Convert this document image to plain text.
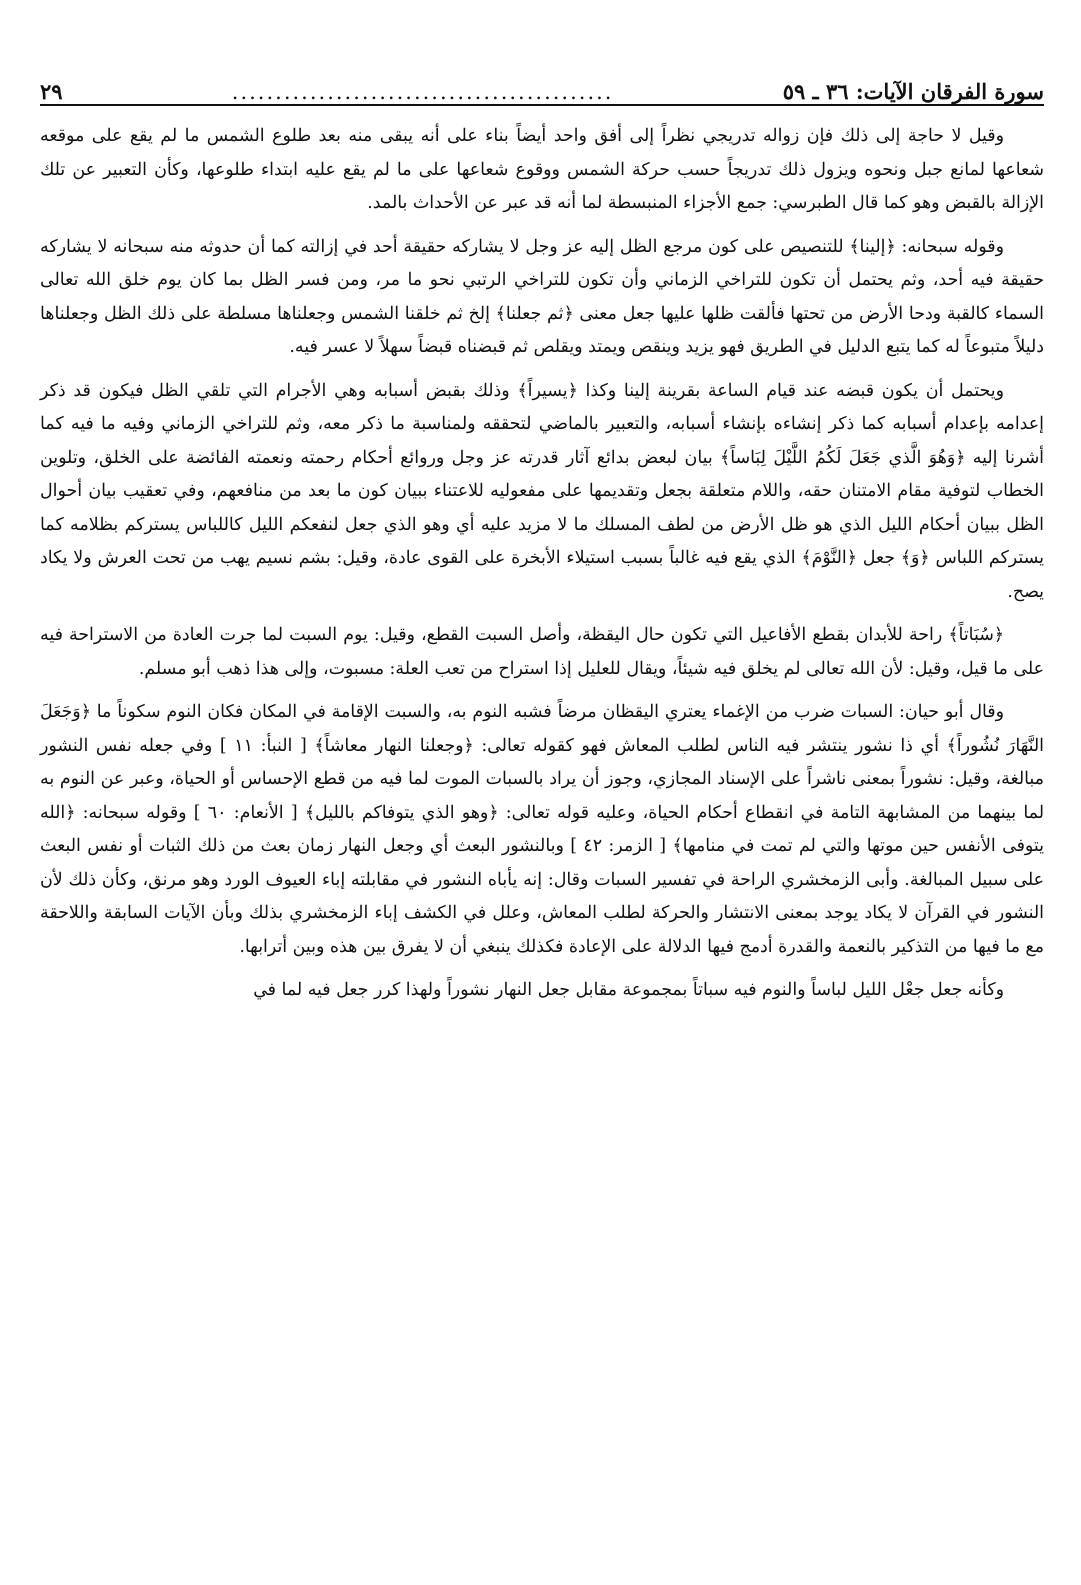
سورة الفرقان الآيات: ٣٦ ـ ٥٩
............................................
٢٩

وقيل لا حاجة إلى ذلك فإن زواله تدريجي نظراً إلى أفق واحد أيضاً بناء على أنه يبقى منه بعد طلوع الشمس ما لم يقع على موقعه شعاعها لمانع جبل ونحوه ويزول ذلك تدريجاً حسب حركة الشمس ووقوع شعاعها على ما لم يقع عليه ابتداء طلوعها، وكأن التعبير عن تلك الإزالة بالقبض وهو كما قال الطبرسي: جمع الأجزاء المنبسطة لما أنه قد عبر عن الأحداث بالمد.

وقوله سبحانه: ﴿إلينا﴾ للتنصيص على كون مرجع الظل إليه عز وجل لا يشاركه حقيقة أحد في إزالته كما أن حدوثه منه سبحانه لا يشاركه حقيقة فيه أحد، وثم يحتمل أن تكون للتراخي الزماني وأن تكون للتراخي الرتبي نحو ما مر، ومن فسر الظل بما كان يوم خلق الله تعالى السماء كالقبة ودحا الأرض من تحتها فألقت ظلها عليها جعل معنى ﴿ثم جعلنا﴾ إلخ ثم خلقنا الشمس وجعلناها مسلطة على ذلك الظل وجعلناها دليلاً متبوعاً له كما يتبع الدليل في الطريق فهو يزيد وينقص ويمتد ويقلص ثم قبضناه قبضاً سهلاً لا عسر فيه.

ويحتمل أن يكون قبضه عند قيام الساعة بقرينة إلينا وكذا ﴿يسيراً﴾ وذلك بقبض أسبابه وهي الأجرام التي تلقي الظل فيكون قد ذكر إعدامه بإعدام أسبابه كما ذكر إنشاءه بإنشاء أسبابه، والتعبير بالماضي لتحققه ولمناسبة ما ذكر معه، وثم للتراخي الزماني وفيه ما فيه كما أشرنا إليه ﴿وَهُوَ الَّذي جَعَلَ لَكُمُ اللَّيْلَ لِبَاساً﴾ بيان لبعض بدائع آثار قدرته عز وجل وروائع أحكام رحمته ونعمته الفائضة على الخلق، وتلوين الخطاب لتوفية مقام الامتنان حقه، واللام متعلقة بجعل وتقديمها على مفعوليه للاعتناء ببيان كون ما بعد من منافعهم، وفي تعقيب بيان أحوال الظل ببيان أحكام الليل الذي هو ظل الأرض من لطف المسلك ما لا مزيد عليه أي وهو الذي جعل لنفعكم الليل كاللباس يستركم بظلامه كما يستركم اللباس ﴿وَ﴾ جعل ﴿النَّوْمَ﴾ الذي يقع فيه غالباً بسبب استيلاء الأبخرة على القوى عادة، وقيل: بشم نسيم يهب من تحت العرش ولا يكاد يصح.

﴿سُبَاتاً﴾ راحة للأبدان بقطع الأفاعيل التي تكون حال اليقظة، وأصل السبت القطع، وقيل: يوم السبت لما جرت العادة من الاستراحة فيه على ما قيل، وقيل: لأن الله تعالى لم يخلق فيه شيئاً، ويقال للعليل إذا استراح من تعب العلة: مسبوت، وإلى هذا ذهب أبو مسلم.

وقال أبو حيان: السبات ضرب من الإغماء يعتري اليقظان مرضاً فشبه النوم به، والسبت الإقامة في المكان فكان النوم سكوناً ما ﴿وَجَعَلَ النَّهَارَ نُشُوراً﴾ أي ذا نشور ينتشر فيه الناس لطلب المعاش فهو كقوله تعالى: ﴿وجعلنا النهار معاشاً﴾ [ النبأ: ١١ ] وفي جعله نفس النشور مبالغة، وقيل: نشوراً بمعنى ناشراً على الإسناد المجازي، وجوز أن يراد بالسبات الموت لما فيه من قطع الإحساس أو الحياة، وعبر عن النوم به لما بينهما من المشابهة التامة في انقطاع أحكام الحياة، وعليه قوله تعالى: ﴿وهو الذي يتوفاكم بالليل﴾ [ الأنعام: ٦٠ ] وقوله سبحانه: ﴿الله يتوفى الأنفس حين موتها والتي لم تمت في منامها﴾ [ الزمر: ٤٢ ] وبالنشور البعث أي وجعل النهار زمان بعث من ذلك الثبات أو نفس البعث على سبيل المبالغة. وأبى الزمخشري الراحة في تفسير السبات وقال: إنه يأباه النشور في مقابلته إباء العيوف الورد وهو مرنق، وكأن ذلك لأن النشور في القرآن لا يكاد يوجد بمعنى الانتشار والحركة لطلب المعاش، وعلل في الكشف إباء الزمخشري بذلك وبأن الآيات السابقة واللاحقة مع ما فيها من التذكير بالنعمة والقدرة أدمج فيها الدلالة على الإعادة فكذلك ينبغي أن لا يفرق بين هذه وبين أترابها.

وكأنه جعل جعْل الليل لباساً والنوم فيه سباتاً بمجموعة مقابل جعل النهار نشوراً ولهذا كرر جعل فيه لما في
